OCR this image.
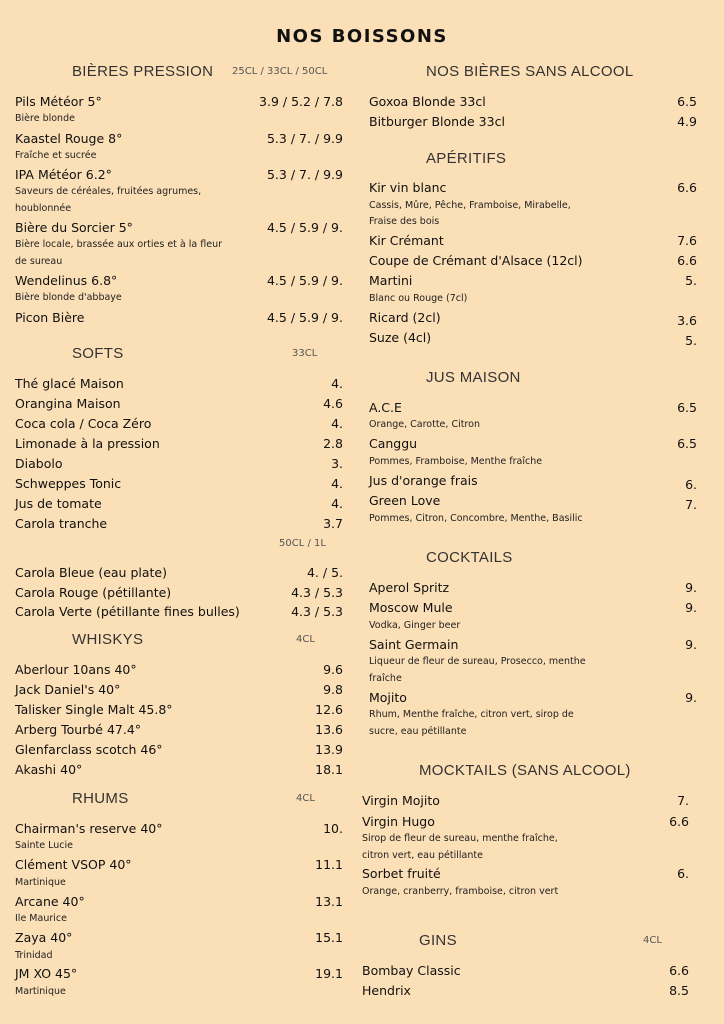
NOS BOISSONS
BIÈRES PRESSION 25CL / 33CL / 50CL
Pils Météor 5°	3.9 / 5.2 / 7.8
Bière blonde
Kaastel Rouge 8°	5.3 / 7. / 9.9
Fraîche et sucrée
IPA Météor 6.2°	5.3 / 7. / 9.9
Saveurs de céréales, fruitées agrumes,
houblonnée
Bière du Sorcier 5°	4.5 / 5.9 / 9.
Bière locale, brassée aux orties et à la fleur
de sureau
Wendelinus 6.8°	4.5 / 5.9 / 9.
Bière blonde d'abbaye
Picon Bière	4.5 / 5.9 / 9.
SOFTS	33CL
Thé glacé Maison	4.
Orangina Maison	4.6
Coca cola / Coca Zéro	4.
Limonade à la pression	2.8
Diabolo	3.
Schweppes Tonic	4.
Jus de tomate	4.
Carola tranche	3.7
50CL / 1L
Carola Bleue (eau plate)	4. / 5.
Carola Rouge (pétillante)	4.3 / 5.3
Carola Verte (pétillante fines bulles)	4.3 / 5.3
WHISKYS	4CL
Aberlour 10ans 40°	9.6
Jack Daniel's 40°	9.8
Talisker Single Malt 45.8°	12.6
Arberg Tourbé 47.4°	13.6
Glenfarclass scotch 46°	13.9
Akashi 40°	18.1
RHUMS	4CL
Chairman's reserve 40°	10.
Sainte Lucie
Clément VSOP 40°	11.1
Martinique
Arcane 40°	13.1
Ile Maurice
Zaya 40°	15.1
Trinidad
JM XO 45°	19.1
Martinique
NOS BIÈRES SANS ALCOOL
Goxoa Blonde 33cl	6.5
Bitburger Blonde 33cl	4.9
APÉRITIFS
Kir vin blanc	6.6
Cassis, Mûre, Pêche, Framboise, Mirabelle,
Fraise des bois
Kir Crémant	7.6
Coupe de Crémant d'Alsace (12cl)	6.6
Martini	5.
Blanc ou Rouge (7cl)
Ricard (2cl)	3.6
Suze (4cl)	5.
JUS MAISON
A.C.E	6.5
Orange, Carotte, Citron
Canggu	6.5
Pommes, Framboise, Menthe fraîche
Jus d'orange frais	6.
Green Love	7.
Pommes, Citron, Concombre, Menthe, Basilic
COCKTAILS
Aperol Spritz	9.
Moscow Mule	9.
Vodka, Ginger beer
Saint Germain	9.
Liqueur de fleur de sureau, Prosecco, menthe
fraîche
Mojito	9.
Rhum, Menthe fraîche, citron vert, sirop de
sucre, eau pétillante
MOCKTAILS (SANS ALCOOL)
Virgin Mojito	7.
Virgin Hugo	6.6
Sirop de fleur de sureau, menthe fraîche,
citron vert, eau pétillante
Sorbet fruité	6.
Orange, cranberry, framboise, citron vert
GINS	4CL
Bombay Classic	6.6
Hendrix	8.5
